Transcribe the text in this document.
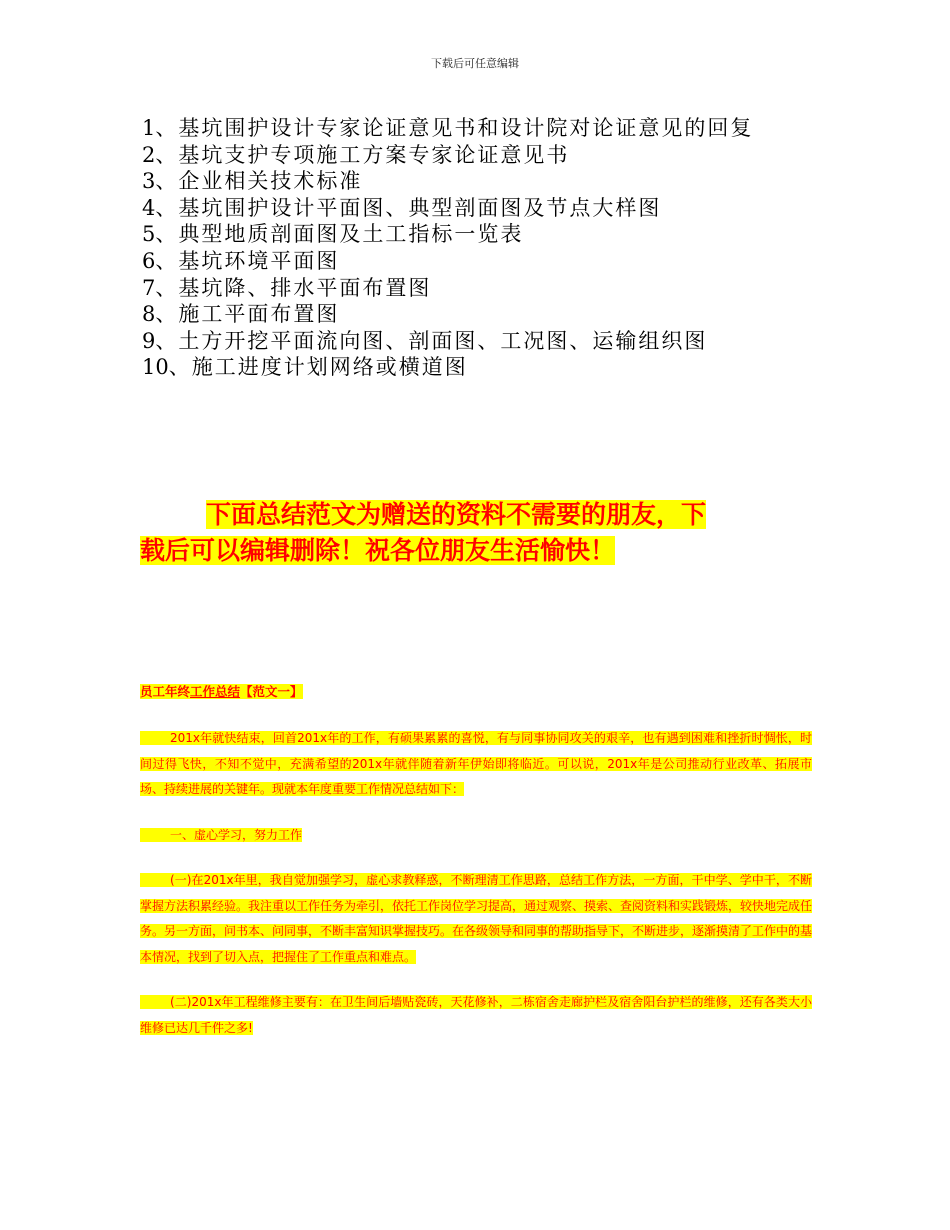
下载后可任意编辑
1、基坑围护设计专家论证意见书和设计院对论证意见的回复
2、基坑支护专项施工方案专家论证意见书
3、企业相关技术标准
4、基坑围护设计平面图、典型剖面图及节点大样图
5、典型地质剖面图及土工指标一览表
6、基坑环境平面图
7、基坑降、排水平面布置图
8、施工平面布置图
9、土方开挖平面流向图、剖面图、工况图、运输组织图
10、施工进度计划网络或横道图
下面总结范文为赠送的资料不需要的朋友，下
载后可以编辑删除！祝各位朋友生活愉快！

员工年终工作总结【范文一】

201x年就快结束，回首201x年的工作，有硕果累累的喜悦，有与同事协同攻关的艰辛，也有遇到困难和挫折时惆怅，时间过得飞快，不知不觉中，充满希望的201x年就伴随着新年伊始即将临近。可以说，201x年是公司推动行业改革、拓展市场、持续进展的关键年。现就本年度重要工作情况总结如下：

一、虚心学习，努力工作

(一)在201x年里，我自觉加强学习，虚心求教释惑，不断理清工作思路，总结工作方法，一方面，干中学、学中干，不断掌握方法积累经验。我注重以工作任务为牵引，依托工作岗位学习提高，通过观察、摸索、查阅资料和实践锻炼，较快地完成任务。另一方面，问书本、问同事，不断丰富知识掌握技巧。在各级领导和同事的帮助指导下，不断进步，逐渐摸清了工作中的基本情况，找到了切入点，把握住了工作重点和难点。

(二)201x年工程维修主要有：在卫生间后墙贴瓷砖，天花修补，二栋宿舍走廊护栏及宿舍阳台护栏的维修，还有各类大小维修已达几千件之多!
